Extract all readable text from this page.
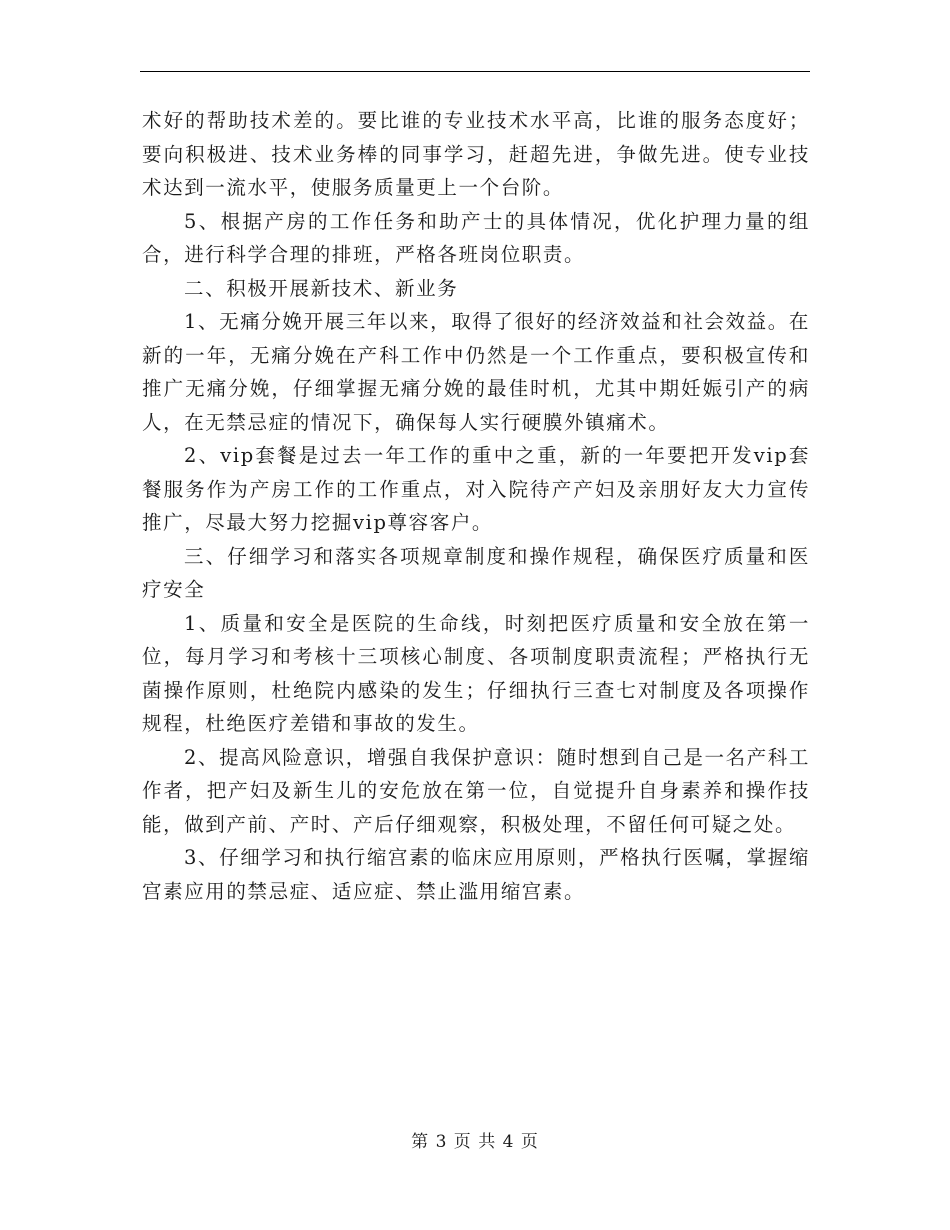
术好的帮助技术差的。要比谁的专业技术水平高，比谁的服务态度好；要向积极进、技术业务棒的同事学习，赶超先进，争做先进。使专业技术达到一流水平，使服务质量更上一个台阶。

5、根据产房的工作任务和助产士的具体情况，优化护理力量的组合，进行科学合理的排班，严格各班岗位职责。

二、积极开展新技术、新业务

1、无痛分娩开展三年以来，取得了很好的经济效益和社会效益。在新的一年，无痛分娩在产科工作中仍然是一个工作重点，要积极宣传和推广无痛分娩，仔细掌握无痛分娩的最佳时机，尤其中期妊娠引产的病人，在无禁忌症的情况下，确保每人实行硬膜外镇痛术。

2、vip套餐是过去一年工作的重中之重，新的一年要把开发vip套餐服务作为产房工作的工作重点，对入院待产产妇及亲朋好友大力宣传推广，尽最大努力挖掘vip尊容客户。

三、仔细学习和落实各项规章制度和操作规程，确保医疗质量和医疗安全

1、质量和安全是医院的生命线，时刻把医疗质量和安全放在第一位，每月学习和考核十三项核心制度、各项制度职责流程；严格执行无菌操作原则，杜绝院内感染的发生；仔细执行三查七对制度及各项操作规程，杜绝医疗差错和事故的发生。

2、提高风险意识，增强自我保护意识：随时想到自己是一名产科工作者，把产妇及新生儿的安危放在第一位，自觉提升自身素养和操作技能，做到产前、产时、产后仔细观察，积极处理，不留任何可疑之处。

3、仔细学习和执行缩宫素的临床应用原则，严格执行医嘱，掌握缩宫素应用的禁忌症、适应症、禁止滥用缩宫素。

第 3 页 共 4 页
